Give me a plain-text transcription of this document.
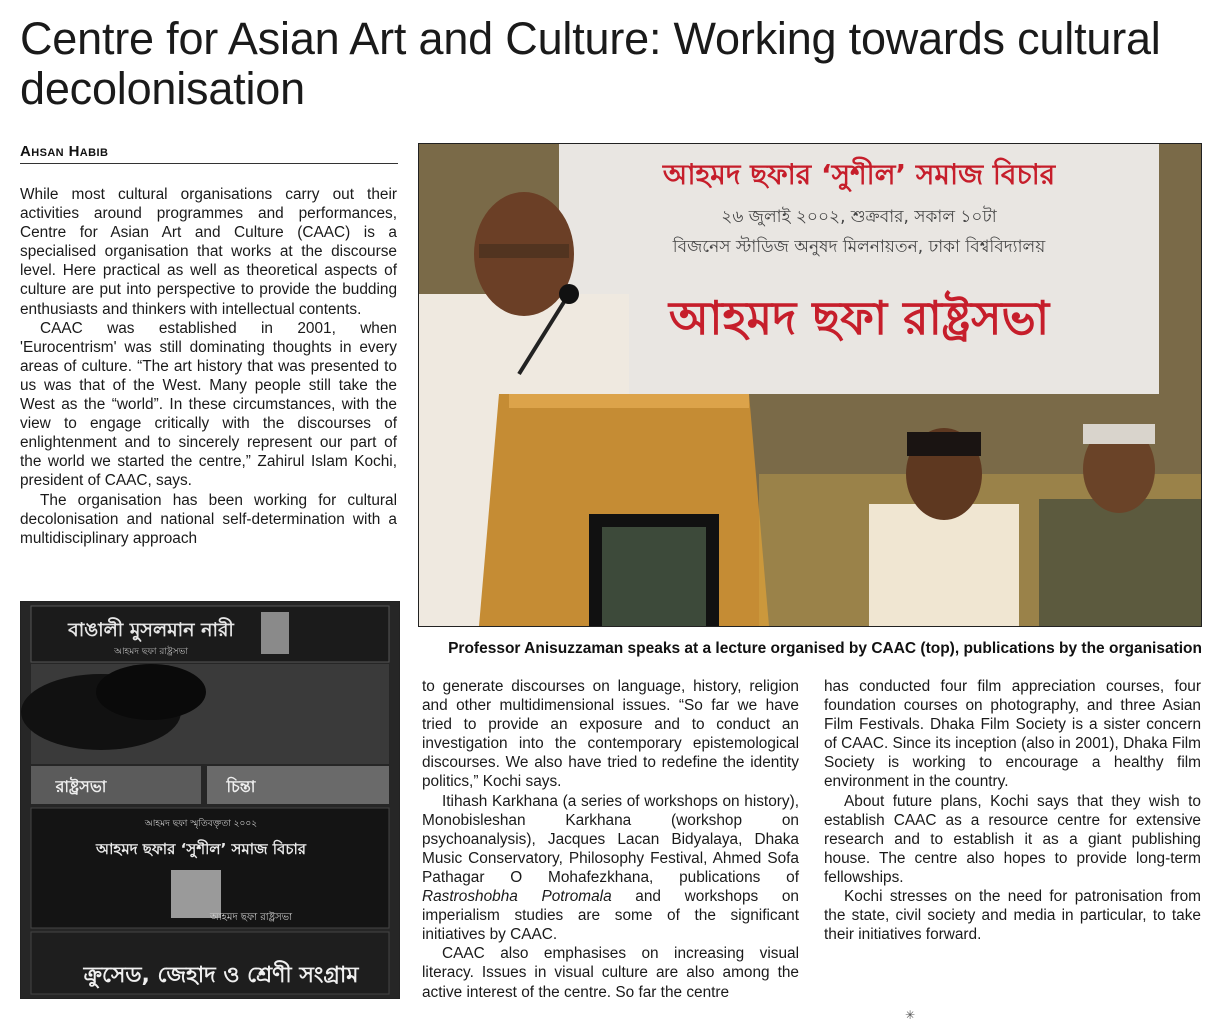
Centre for Asian Art and Culture: Working towards cultural decolonisation
Ahsan Habib

While most cultural organisations carry out their activities around programmes and performances, Centre for Asian Art and Culture (CAAC) is a specialised organisation that works at the discourse level. Here practical as well as theoretical aspects of culture are put into perspective to provide the budding enthusiasts and thinkers with intellectual contents.

CAAC was established in 2001, when 'Eurocentrism' was still dominating thoughts in every areas of culture. “The art history that was presented to us was that of the West. Many people still take the West as the “world”. In these circumstances, with the view to engage critically with the discourses of enlightenment and to sincerely represent our part of the world we started the centre,” Zahirul Islam Kochi, president of CAAC, says.

The organisation has been working for cultural decolonisation and national self-determination with a multidisciplinary approach

আহমদ ছফার ‘সুশীল’ সমাজ বিচার
২৬ জুলাই ২০০২, শুক্রবার, সকাল ১০টা
বিজনেস স্টাডিজ অনুষদ মিলনায়তন, ঢাকা বিশ্ববিদ্যালয়
আহমদ ছফা রাষ্ট্রসভা
Professor Anisuzzaman speaks at a lecture organised by CAAC (top), publications by the organisation
বাঙালী মুসলমান নারী
আহমদ ছফা রাষ্ট্রসভা
রাষ্ট্রসভা	চিন্তা
আহমদ ছফা স্মৃতিবক্তৃতা ২০০২
আহমদ ছফার ‘সুশীল’ সমাজ বিচার
আহমদ ছফা রাষ্ট্রসভা
ক্রুসেড, জেহাদ ও শ্রেণী সংগ্রাম

to generate discourses on language, history, religion and other multidimensional issues. “So far we have tried to provide an exposure and to conduct an investigation into the contemporary epistemological discourses. We also have tried to redefine the identity politics,” Kochi says.

Itihash Karkhana (a series of workshops on history), Monobisleshan Karkhana (workshop on psychoanalysis), Jacques Lacan Bidyalaya, Dhaka Music Conservatory, Philosophy Festival, Ahmed Sofa Pathagar O Mohafezkhana, publications of Rastroshobha Potromala and workshops on imperialism studies are some of the significant initiatives by CAAC.

CAAC also emphasises on increasing visual literacy. Issues in visual culture are also among the active interest of the centre. So far the centre

has conducted four film appreciation courses, four foundation courses on photography, and three Asian Film Festivals. Dhaka Film Society is a sister concern of CAAC. Since its inception (also in 2001), Dhaka Film Society is working to encourage a healthy film environment in the country.

About future plans, Kochi says that they wish to establish CAAC as a resource centre for extensive research and to establish it as a giant publishing house. The centre also hopes to provide long-term fellowships.

Kochi stresses on the need for patronisation from the state, civil society and media in particular, to take their initiatives forward.

✳
